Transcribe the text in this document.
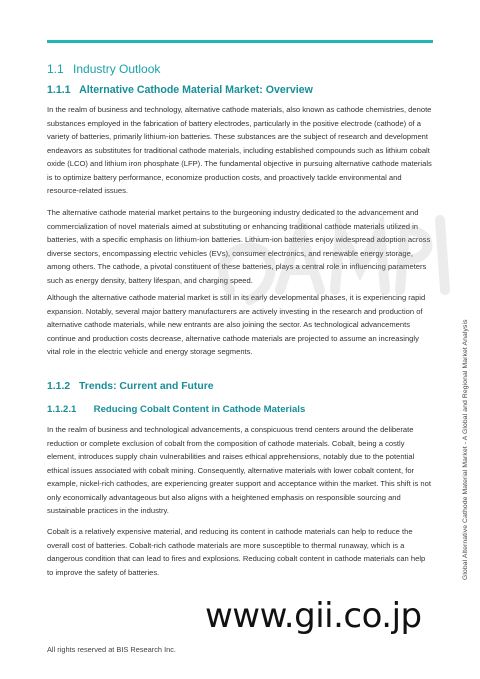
1.1 Industry Outlook
1.1.1 Alternative Cathode Material Market: Overview

In the realm of business and technology, alternative cathode materials, also known as cathode chemistries, denote substances employed in the fabrication of battery electrodes, particularly in the positive electrode (cathode) of a variety of batteries, primarily lithium-ion batteries. These substances are the subject of research and development endeavors as substitutes for traditional cathode materials, including established compounds such as lithium cobalt oxide (LCO) and lithium iron phosphate (LFP). The fundamental objective in pursuing alternative cathode materials is to optimize battery performance, economize production costs, and proactively tackle environmental and resource-related issues.

The alternative cathode material market pertains to the burgeoning industry dedicated to the advancement and commercialization of novel materials aimed at substituting or enhancing traditional cathode materials utilized in batteries, with a specific emphasis on lithium-ion batteries. Lithium-ion batteries enjoy widespread adoption across diverse sectors, encompassing electric vehicles (EVs), consumer electronics, and renewable energy storage, among others. The cathode, a pivotal constituent of these batteries, plays a central role in influencing parameters such as energy density, battery lifespan, and charging speed.

Although the alternative cathode material market is still in its early developmental phases, it is experiencing rapid expansion. Notably, several major battery manufacturers are actively investing in the research and production of alternative cathode materials, while new entrants are also joining the sector. As technological advancements continue and production costs decrease, alternative cathode materials are projected to assume an increasingly vital role in the electric vehicle and energy storage segments.

1.1.2 Trends: Current and Future
1.1.2.1 Reducing Cobalt Content in Cathode Materials

In the realm of business and technological advancements, a conspicuous trend centers around the deliberate reduction or complete exclusion of cobalt from the composition of cathode materials. Cobalt, being a costly element, introduces supply chain vulnerabilities and raises ethical apprehensions, notably due to the potential ethical issues associated with cobalt mining. Consequently, alternative materials with lower cobalt content, for example, nickel-rich cathodes, are experiencing greater support and acceptance within the market. This shift is not only economically advantageous but also aligns with a heightened emphasis on responsible sourcing and sustainable practices in the industry.

Cobalt is a relatively expensive material, and reducing its content in cathode materials can help to reduce the overall cost of batteries. Cobalt-rich cathode materials are more susceptible to thermal runaway, which is a dangerous condition that can lead to fires and explosions. Reducing cobalt content in cathode materials can help to improve the safety of batteries.	Global Alternative Cathode Material Market - A Global and Regional Market Analysis
www.gii.co.jp
All rights reserved at BIS Research Inc.
